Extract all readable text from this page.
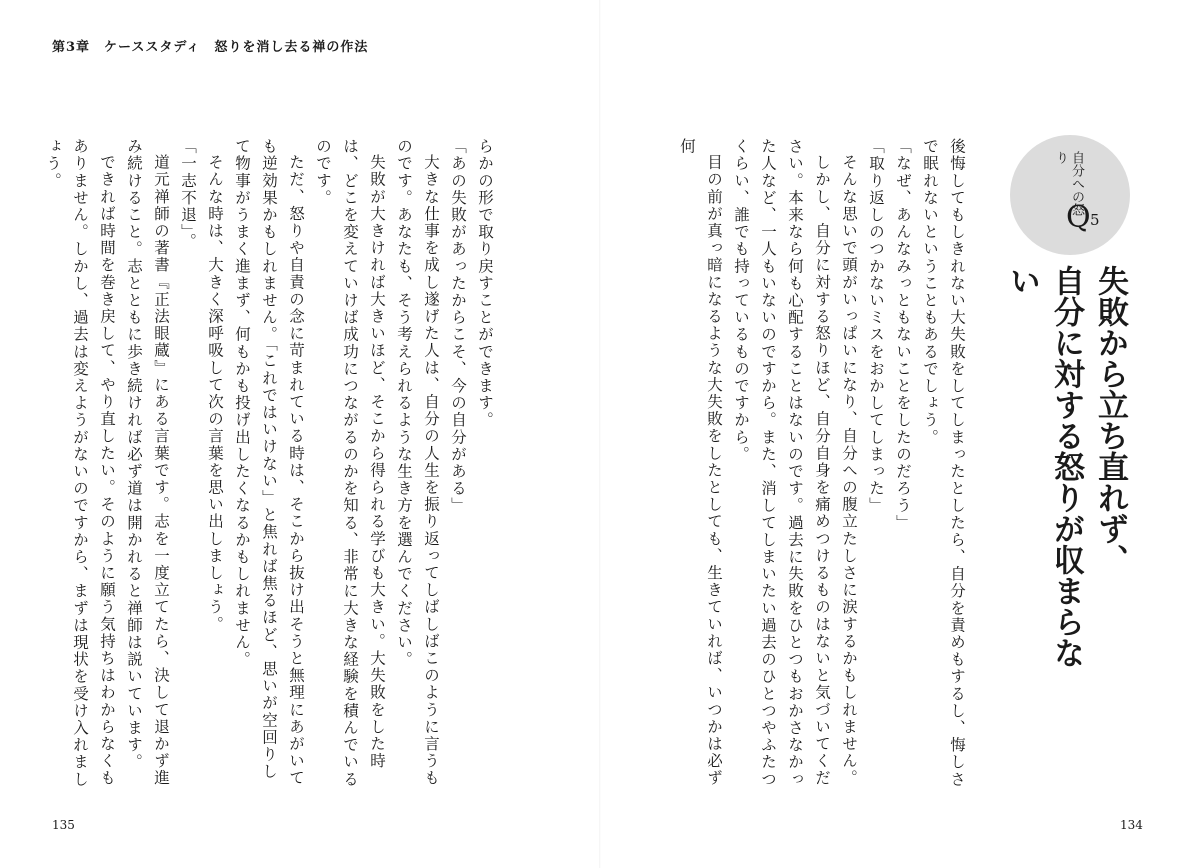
第3章　ケーススタディ　怒りを消し去る禅の作法

らかの形で取り戻すことができます。

「あの失敗があったからこそ、今の自分がある」

大きな仕事を成し遂げた人は、自分の人生を振り返ってしばしばこのように言うものです。あなたも、そう考えられるような生き方を選んでください。

失敗が大きければ大きいほど、そこから得られる学びも大きい。大失敗をした時は、どこを変えていけば成功につながるのかを知る、非常に大きな経験を積んでいるのです。

ただ、怒りや自責の念に苛まれている時は、そこから抜け出そうと無理にあがいても逆効果かもしれません。「これではいけない」と焦れば焦るほど、思いが空回りして物事がうまく進まず、何もかも投げ出したくなるかもしれません。

そんな時は、大きく深呼吸して次の言葉を思い出しましょう。

「一志不退」。

道元禅師の著書『正法眼蔵』にある言葉です。志を一度立てたら、決して退かず進み続けること。志とともに歩き続ければ必ず道は開かれると禅師は説いています。

できれば時間を巻き戻して、やり直したい。そのように願う気持ちはわからなくもありません。しかし、過去は変えようがないのですから、まずは現状を受け入れましょう。

135
自分への怒り
Q 5
失敗から立ち直れず、
自分に対する怒りが収まらない

後悔してもしきれない大失敗をしてしまったとしたら、自分を責めもするし、悔しさで眠れないということもあるでしょう。

「なぜ、あんなみっともないことをしたのだろう」

「取り返しのつかないミスをおかしてしまった」

そんな思いで頭がいっぱいになり、自分への腹立たしさに涙するかもしれません。

しかし、自分に対する怒りほど、自分自身を痛めつけるものはないと気づいてください。本来なら何も心配することはないのです。過去に失敗をひとつもおかさなかった人など、一人もいないのですから。また、消してしまいたい過去のひとつやふたつくらい、誰でも持っているものですから。

目の前が真っ暗になるような大失敗をしたとしても、生きていれば、いつかは必ず何

134
